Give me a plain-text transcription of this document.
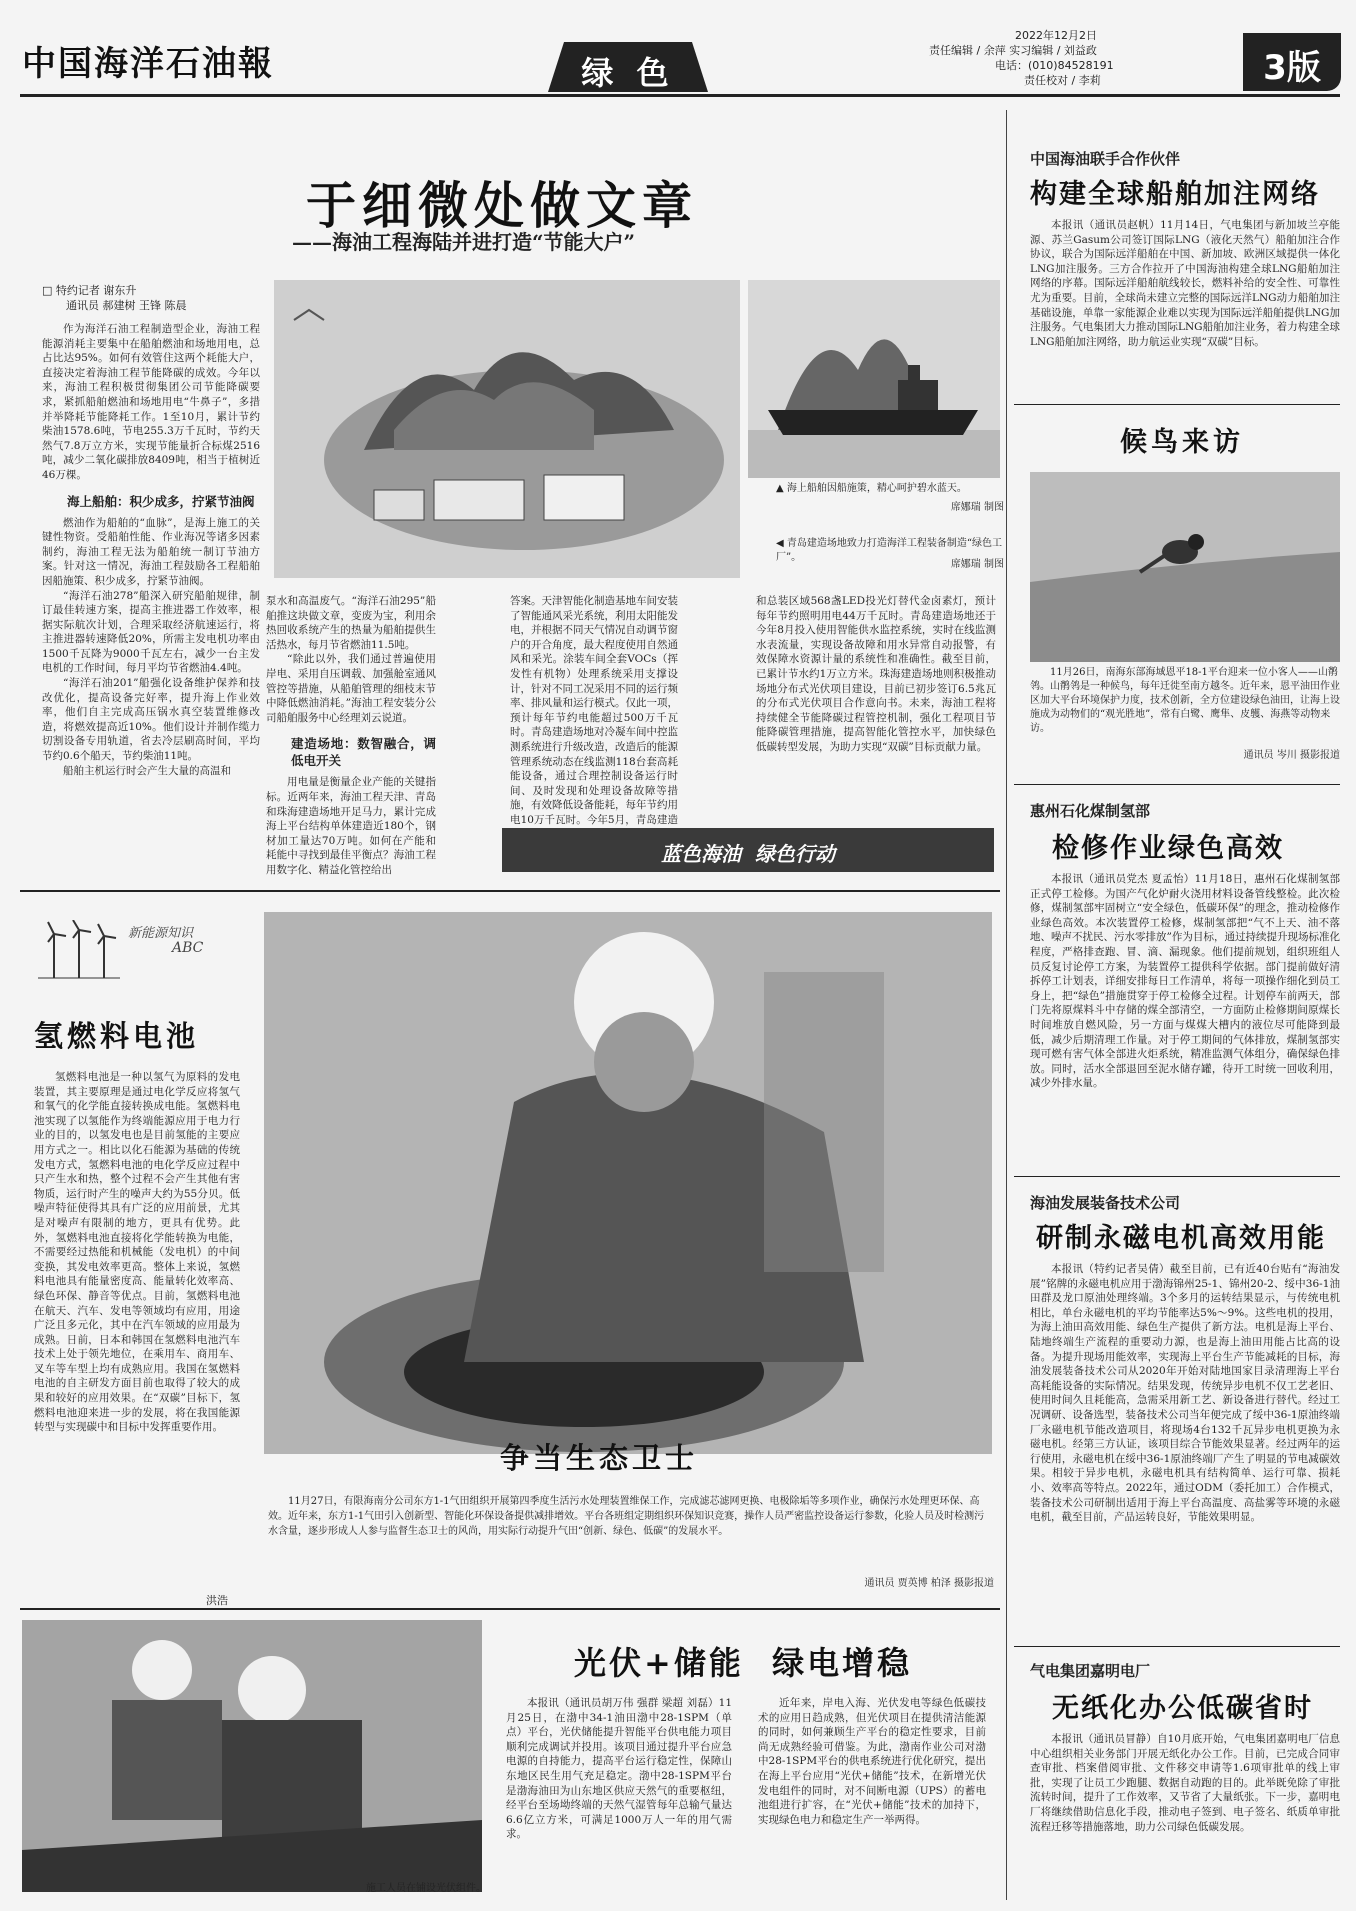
中国海洋石油報	绿 色
2022年12月2日
责任编辑 / 余萍 实习编辑 / 刘益政
电话：(010)84528191
责任校对 / 李莉	3版
于细微处做文章
——海油工程海陆并进打造“节能大户”
□ 特约记者 谢东升
通讯员 郝建树 王锋 陈晨

作为海洋石油工程制造型企业，海油工程能源消耗主要集中在船舶燃油和场地用电，总占比达95%。如何有效管住这两个耗能大户，直接决定着海油工程节能降碳的成效。今年以来，海油工程积极贯彻集团公司节能降碳要求，紧抓船舶燃油和场地用电“牛鼻子”，多措并举降耗节能降耗工作。1至10月，累计节约柴油1578.6吨，节电255.3万千瓦时，节约天然气7.8万立方米，实现节能量折合标煤2516吨，减少二氧化碳排放8409吨，相当于植树近46万棵。

海上船舶：积少成多，拧紧节油阀

燃油作为船舶的“血脉”，是海上施工的关键性物资。受船舶性能、作业海况等诸多因素制约，海油工程无法为船舶统一制订节油方案。针对这一情况，海油工程鼓励各工程船舶因船施策、积少成多，拧紧节油阀。

“海洋石油278”船深入研究船舶规律，制订最佳转速方案，提高主推进器工作效率，根据实际航次计划，合理采取经济航速运行，将主推进器转速降低20%，所需主发电机功率由1500千瓦降为9000千瓦左右，减少一台主发电机的工作时间，每月平均节省燃油4.4吨。

“海洋石油201”船强化设备维护保养和技改优化，提高设备完好率，提升海上作业效率，他们自主完成高压锅水真空装置维修改造，将燃效提高近10%。他们设计并制作缆力切割设备专用轨道，省去冷层刷高时间，平均节约0.6个船天，节约柴油11吨。

船舶主机运行时会产生大量的高温和

▲ 海上船舶因船施策，精心呵护碧水蓝天。
席娜瑞 制图
◀ 青岛建造场地致力打造海洋工程装备制造“绿色工厂”。
席娜瑞 制图

泵水和高温废气。“海洋石油295”船舶推这块做文章，变废为宝，利用余热回收系统产生的热量为船舶提供生活热水，每月节省燃油11.5吨。

“除此以外，我们通过普遍使用岸电、采用自压调载、加强舱室通风管控等措施，从船舶管理的细枝末节中降低燃油消耗。”海油工程安装分公司船舶服务中心经理刘云说道。

建造场地：数智融合，调低电开关

用电量是衡量企业产能的关键指标。近两年来，海油工程天津、青岛和珠海建造场地开足马力，累计完成海上平台结构单体建造近180个，钢材加工量达70万吨。如何在产能和耗能中寻找到最佳平衡点？海油工程用数字化、精益化管控给出

答案。天津智能化制造基地车间安装了智能通风采光系统，利用太阳能发电，并根据不同天气情况自动调节窗户的开合角度，最大程度使用自然通风和采光。涂装车间全套VOCs（挥发性有机物）处理系统采用支撑设计，针对不同工况采用不同的运行频率、排风量和运行模式。仅此一项，预计每年节约电能超过500万千瓦时。青岛建造场地对冷凝车间中控监测系统进行升级改造，改造后的能源管理系统动态在线监测118台套高耗能设备，通过合理控制设备运行时间、及时发现和处理设备故障等措施，有效降低设备能耗，每年节约用电10万千瓦时。今年5月，青岛建造
和总装区域568盏LED投光灯替代金卤素灯，预计每年节约照明用电44万千瓦时。青岛建造场地还于今年8月投入使用智能供水监控系统，实时在线监测水表流量，实现设备故障和用水异常自动报警，有效保障水资源计量的系统性和准确性。截至目前，已累计节水约1万立方米。珠海建造场地则积极推动场地分布式光伏项目建设，目前已初步签订6.5兆瓦的分布式光伏项目合作意向书。未来，海油工程将持续健全节能降碳过程管控机制，强化工程项目节能降碳管理措施，提高智能化管控水平，加快绿色低碳转型发展，为助力实现“双碳”目标贡献力量。
蓝色海油  绿色行动
新能源知识
ABC
氢燃料电池
氢燃料电池是一种以氢气为原料的发电装置，其主要原理是通过电化学反应将氢气和氧气的化学能直接转换成电能。氢燃料电池实现了以氢能作为终端能源应用于电力行业的目的，以氢发电也是目前氢能的主要应用方式之一。相比以化石能源为基础的传统发电方式，氢燃料电池的电化学反应过程中只产生水和热，整个过程不会产生其他有害物质，运行时产生的噪声大约为55分贝。低噪声特征使得其具有广泛的应用前景，尤其是对噪声有限制的地方，更具有优势。此外，氢燃料电池直接将化学能转换为电能，不需要经过热能和机械能（发电机）的中间变换，其发电效率更高。整体上来说，氢燃料电池具有能量密度高、能量转化效率高、绿色环保、静音等优点。目前，氢燃料电池在航天、汽车、发电等领域均有应用，用途广泛且多元化，其中在汽车领域的应用最为成熟。日前，日本和韩国在氢燃料电池汽车技术上处于领先地位，在乘用车、商用车、叉车等车型上均有成熟应用。我国在氢燃料电池的自主研发方面目前也取得了较大的成果和较好的应用效果。在“双碳”目标下，氢燃料电池迎来进一步的发展，将在我国能源转型与实现碳中和目标中发挥重要作用。
洪浩
争当生态卫士
11月27日，有限海南分公司东方1-1气田组织开展第四季度生活污水处理装置维保工作，完成滤芯滤网更换、电极除垢等多项作业，确保污水处理更环保、高效。近年来，东方1-1气田引入创新型、智能化环保设备提供减排增效。平台各班组定期组织环保知识竞赛，操作人员严密监控设备运行参数，化验人员及时检测污水含量，逐步形成人人参与监督生态卫士的风尚，用实际行动提升气田“创新、绿色、低碳”的发展水平。
通讯员 贾英博 柏泽 摄影报道
施工人员在铺设光伏组件。
光伏+储能  绿电增稳
本报讯（通讯员胡万伟 强群 梁超 刘磊）11月25日，在渤中34-1油田渤中28-1SPM（单点）平台，光伏储能提升智能平台供电能力项目顺利完成调试并投用。该项目通过提升平台应急电源的自持能力，提高平台运行稳定性，保障山东地区民生用气充足稳定。渤中28-1SPM平台是渤海油田为山东地区供应天然气的重要枢纽，经平台至场坳终端的天然气湿管每年总输气量达6.6亿立方米，可满足1000万人一年的用气需求。
近年来，岸电入海、光伏发电等绿色低碳技术的应用日趋成熟，但光伏项目在提供清洁能源的同时，如何兼顾生产平台的稳定性要求，目前尚无成熟经验可借鉴。为此，渤南作业公司对渤中28-1SPM平台的供电系统进行优化研究，提出在海上平台应用“光伏+储能”技术，在新增光伏发电组件的同时，对不间断电源（UPS）的蓄电池组进行扩容，在“光伏+储能”技术的加持下，实现绿色电力和稳定生产一举两得。
中国海油联手合作伙伴
构建全球船舶加注网络
本报讯（通讯员赵帆）11月14日，气电集团与新加坡兰亭能源、苏兰Gasum公司签订国际LNG（液化天然气）船舶加注合作协议，联合为国际远洋船舶在中国、新加坡、欧洲区域提供一体化LNG加注服务。三方合作拉开了中国海油构建全球LNG船舶加注网络的序幕。国际远洋船舶航线较长，燃料补给的安全性、可靠性尤为重要。目前，全球尚未建立完整的国际远洋LNG动力船舶加注基础设施，单靠一家能源企业难以实现为国际远洋船舶提供LNG加注服务。气电集团大力推动国际LNG船舶加注业务，着力构建全球LNG船舶加注网络，助力航运业实现“双碳”目标。
候鸟来访
11月26日，南海东部海域恩平18-1平台迎来一位小客人——山鹡鸰。山鹡鸰是一种候鸟，每年迁徙至南方越冬。近年来，恩平油田作业区加大平台环境保护力度，技术创新，全方位建设绿色油田，让海上设施成为动物们的“观光胜地”，常有白鹭、鹰隼、皮鹱、海燕等动物来访。
通讯员 岑川 摄影报道
惠州石化煤制氢部
检修作业绿色高效
本报讯（通讯员党杰 夏孟怡）11月18日，惠州石化煤制氢部正式停工检修。为国产气化炉耐火浇用材料设备管线整检。此次检修，煤制氢部牢固树立“安全绿色，低碳环保”的理念，推动检修作业绿色高效。本次装置停工检修，煤制氢部把“气不上天、油不落地、噪声不扰民、污水零排放”作为目标，通过持续提升现场标准化程度，严格排查跑、冒、滴、漏现象。他们提前规划，组织班组人员反复讨论停工方案，为装置停工提供科学依据。部门提前做好清拆停工计划表，详细安排每日工作清单，将每一项操作细化到员工身上，把“绿色”措施贯穿于停工检修全过程。计划停车前两天，部门先将原煤料斗中存储的煤全部清空，一方面防止检修期间原煤长时间堆放自燃风险，另一方面与煤煤大槽内的液位尽可能降到最低，减少后期清理工作量。对于停工期间的气体排放，煤制氢部实现可燃有害气体全部进火炬系统，精准监测气体组分，确保绿色排放。同时，活水全部退回至泥水储存罐，待开工时统一回收利用，减少外排水量。
海油发展装备技术公司
研制永磁电机高效用能
本报讯（特约记者吴倩）截至目前，已有近40台贴有“海油发展”铭牌的永磁电机应用于渤海锦州25-1、锦州20-2、绥中36-1油田群及龙口原油处理终端。3个多月的运转结果显示，与传统电机相比，单台永磁电机的平均节能率达5%～9%。这些电机的投用，为海上油田高效用能、绿色生产提供了新方法。电机是海上平台、陆地终端生产流程的重要动力源，也是海上油田用能占比高的设备。为提升现场用能效率，实现海上平台生产节能减耗的目标，海油发展装备技术公司从2020年开始对陆地国家目录清理海上平台高耗能设备的实际情况。结果发现，传统异步电机不仅工艺老旧、使用时间久且耗能高，急需采用新工艺、新设备进行替代。经过工况调研、设备选型，装备技术公司当年便完成了绥中36-1原油终端厂永磁电机节能改造项目，将现场4台132千瓦异步电机更换为永磁电机。经第三方认证，该项目综合节能效果显著。经过两年的运行使用，永磁电机在绥中36-1原油终端厂产生了明显的节电减碳效果。相较于异步电机，永磁电机具有结构简单、运行可靠、损耗小、效率高等特点。2022年，通过ODM（委托加工）合作模式，装备技术公司研制出适用于海上平台高温度、高盐雾等环境的永磁电机，截至目前，产品运转良好，节能效果明显。
气电集团嘉明电厂
无纸化办公低碳省时
本报讯（通讯员冒静）自10月底开始，气电集团嘉明电厂信息中心组织相关业务部门开展无纸化办公工作。目前，已完成合同审查审批、档案借阅审批、文件移交申请等1.6项审批单的线上审批，实现了让员工少跑腿、数据自动跑的目的。此举既免除了审批流转时间，提升了工作效率，又节省了大量纸张。下一步，嘉明电厂将继续借助信息化手段，推动电子签到、电子签名、纸质单审批流程迁移等措施落地，助力公司绿色低碳发展。
